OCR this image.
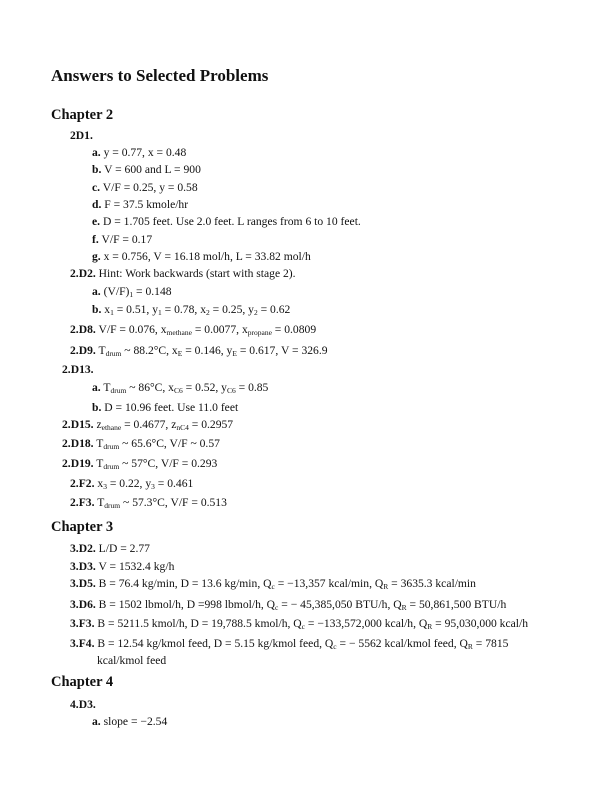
Answers to Selected Problems
Chapter 2
2D1.
a. y = 0.77, x = 0.48
b. V = 600 and L = 900
c. V/F = 0.25, y = 0.58
d. F = 37.5 kmole/hr
e. D = 1.705 feet. Use 2.0 feet. L ranges from 6 to 10 feet.
f. V/F = 0.17
g. x = 0.756, V = 16.18 mol/h, L = 33.82 mol/h
2.D2. Hint: Work backwards (start with stage 2).
a. $(V/F)_1 = 0.148$
b. $x_1 = 0.51$, $y_1 = 0.78$, $x_2 = 0.25$, $y_2 = 0.62$
2.D8. V/F = 0.076, $x_{methane} = 0.0077$, $x_{propane} = 0.0809$
2.D9. $T_{drum}$ ~ 88.2°C, $x_E = 0.146$, $y_E = 0.617$, V = 326.9
2.D13.
a. $T_{drum}$ ~ 86°C, $x_{C6} = 0.52$, $y_{C6} = 0.85$
b. D = 10.96 feet. Use 11.0 feet
2.D15. $z_{ethane} = 0.4677$, $z_{nC4} = 0.2957$
2.D18. $T_{drum}$ ~ 65.6°C, V/F ~ 0.57
2.D19. $T_{drum}$ ~ 57°C, V/F = 0.293
2.F2. $x_3 = 0.22$, $y_3 = 0.461$
2.F3. $T_{drum}$ ~ 57.3°C, V/F = 0.513
Chapter 3
3.D2. L/D = 2.77
3.D3. V = 1532.4 kg/h
3.D5. B = 76.4 kg/min, D = 13.6 kg/min, $Q_c = -13,357$ kcal/min, $Q_R = 3635.3$ kcal/min
3.D6. B = 1502 lbmol/h, D =998 lbmol/h, $Q_c$ = − 45,385,050 BTU/h, $Q_R = 50,861,500$ BTU/h
3.F3. B = 5211.5 kmol/h, D = 19,788.5 kmol/h, $Q_c = -133,572,000$ kcal/h, $Q_R = 95,030,000$ kcal/h
3.F4. B = 12.54 kg/kmol feed, D = 5.15 kg/kmol feed, $Q_c$ = − 5562 kcal/kmol feed, $Q_R = 7815$
kcal/kmol feed
Chapter 4
4.D3.
a. slope = −2.54
